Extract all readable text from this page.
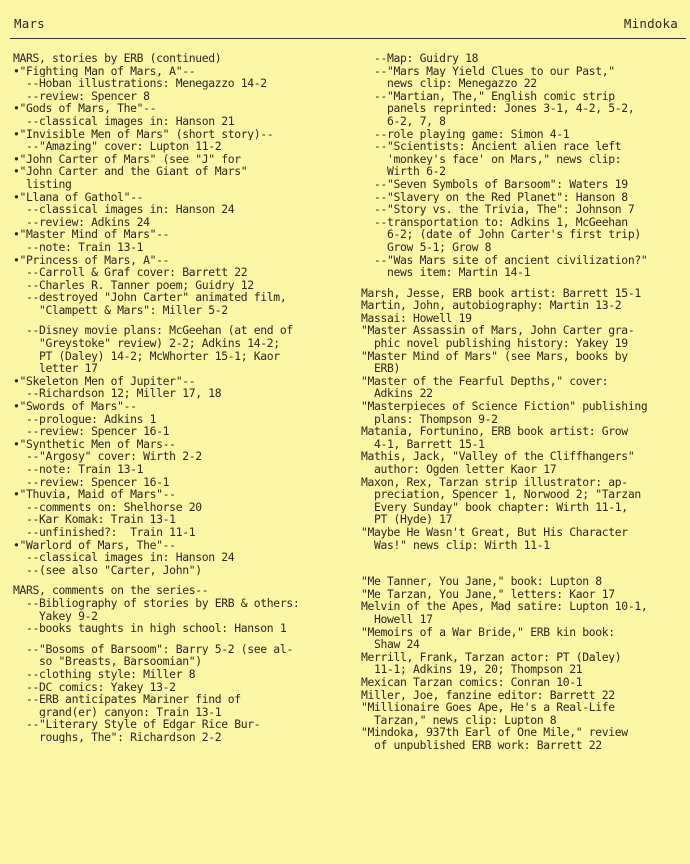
Mars	Mindoka
MARS, stories by ERB (continued)
•"Fighting Man of Mars, A"--
--Hoban illustrations: Menegazzo 14-2
--review: Spencer 8
•"Gods of Mars, The"--
--classical images in: Hanson 21
•"Invisible Men of Mars" (short story)--
--"Amazing" cover: Lupton 11-2
•"John Carter of Mars" (see "J" for
•"John Carter and the Giant of Mars"
listing
•"Llana of Gathol"--
--classical images in: Hanson 24
--review: Adkins 24
•"Master Mind of Mars"--
--note: Train 13-1
•"Princess of Mars, A"--
--Carroll & Graf cover: Barrett 22
--Charles R. Tanner poem; Guidry 12
--destroyed "John Carter" animated film,
"Clampett & Mars": Miller 5-2
--Disney movie plans: McGeehan (at end of
"Greystoke" review) 2-2; Adkins 14-2;
PT (Daley) 14-2; McWhorter 15-1; Kaor
letter 17
•"Skeleton Men of Jupiter"--
--Richardson 12; Miller 17, 18
•"Swords of Mars"--
--prologue: Adkins 1
--review: Spencer 16-1
•"Synthetic Men of Mars--
--"Argosy" cover: Wirth 2-2
--note: Train 13-1
--review: Spencer 16-1
•"Thuvia, Maid of Mars"--
--comments on: Shelhorse 20
--Kar Komak: Train 13-1
--unfinished?:  Train 11-1
•"Warlord of Mars, The"--
--classical images in: Hanson 24
--(see also "Carter, John")
MARS, comments on the series--
--Bibliography of stories by ERB & others:
Yakey 9-2
--books taughts in high school: Hanson 1
--"Bosoms of Barsoom": Barry 5-2 (see al-
so "Breasts, Barsoomian")
--clothing style: Miller 8
--DC comics: Yakey 13-2
--ERB anticipates Mariner find of
grand(er) canyon: Train 13-1
--"Literary Style of Edgar Rice Bur-
roughs, The": Richardson 2-2
--Map: Guidry 18
--"Mars May Yield Clues to our Past,"
news clip: Menegazzo 22
--"Martian, The," English comic strip
panels reprinted: Jones 3-1, 4-2, 5-2,
6-2, 7, 8
--role playing game: Simon 4-1
--"Scientists: Ancient alien race left
'monkey's face' on Mars," news clip:
Wirth 6-2
--"Seven Symbols of Barsoom": Waters 19
--"Slavery on the Red Planet": Hanson 8
--"Story vs. the Trivia, The": Johnson 7
--transportation to: Adkins 1, McGeehan
6-2; (date of John Carter's first trip)
Grow 5-1; Grow 8
--"Was Mars site of ancient civilization?"
news item: Martin 14-1
Marsh, Jesse, ERB book artist: Barrett 15-1
Martin, John, autobiography: Martin 13-2
Massai: Howell 19
"Master Assassin of Mars, John Carter gra-
phic novel publishing history: Yakey 19
"Master Mind of Mars" (see Mars, books by
ERB)
"Master of the Fearful Depths," cover:
Adkins 22
"Masterpieces of Science Fiction" publishing
plans: Thompson 9-2
Matania, Fortunino, ERB book artist: Grow
4-1, Barrett 15-1
Mathis, Jack, "Valley of the Cliffhangers"
author: Ogden letter Kaor 17
Maxon, Rex, Tarzan strip illustrator: ap-
preciation, Spencer 1, Norwood 2; "Tarzan
Every Sunday" book chapter: Wirth 11-1,
PT (Hyde) 17
"Maybe He Wasn't Great, But His Character
Was!" news clip: Wirth 11-1
"Me Tanner, You Jane," book: Lupton 8
"Me Tarzan, You Jane," letters: Kaor 17
Melvin of the Apes, Mad satire: Lupton 10-1,
Howell 17
"Memoirs of a War Bride," ERB kin book:
Shaw 24
Merrill, Frank, Tarzan actor: PT (Daley)
11-1; Adkins 19, 20; Thompson 21
Mexican Tarzan comics: Conran 10-1
Miller, Joe, fanzine editor: Barrett 22
"Millionaire Goes Ape, He's a Real-Life
Tarzan," news clip: Lupton 8
"Mindoka, 937th Earl of One Mile," review
of unpublished ERB work: Barrett 22
